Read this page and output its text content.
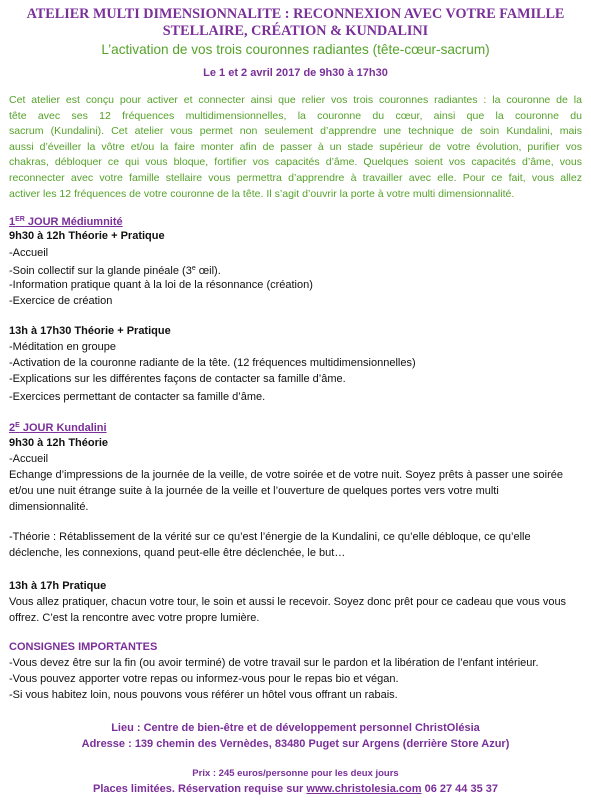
ATELIER MULTI DIMENSIONNALITE : RECONNEXION AVEC VOTRE FAMILLE
STELLAIRE, CRÉATION & KUNDALINI
L’activation de vos trois couronnes radiantes (tête-cœur-sacrum)
Le 1 et 2 avril 2017 de 9h30 à 17h30
Cet atelier est conçu pour activer et connecter ainsi que relier vos trois couronnes radiantes : la couronne de la
tête avec ses 12 fréquences multidimensionnelles, la couronne du cœur, ainsi que la couronne du
sacrum (Kundalini). Cet atelier vous permet non seulement d’apprendre une technique de soin Kundalini, mais
aussi d’éveiller la vôtre et/ou la faire monter afin de passer à un stade supérieur de votre évolution, purifier vos
chakras, débloquer ce qui vous bloque, fortifier vos capacités d’âme. Quelques soient vos capacités d’âme, vous
reconnecter avec votre famille stellaire vous permettra d’apprendre à travailler avec elle. Pour ce fait, vous allez
activer les 12 fréquences de votre couronne de la tête. Il s’agit d’ouvrir la porte à votre multi dimensionnalité.
1ER JOUR Médiumnité
9h30 à 12h Théorie + Pratique
-Accueil
-Soin collectif sur la glande pinéale (3e œil).
-Information pratique quant à la loi de la résonnance (création)
-Exercice de création
13h à 17h30 Théorie + Pratique
-Méditation en groupe
-Activation de la couronne radiante de la tête. (12 fréquences multidimensionnelles)
-Explications sur les différentes façons de contacter sa famille d’âme.
-Exercices permettant de contacter sa famille d’âme.
$2^E$ JOUR Kundalini
9h30 à 12h Théorie
-Accueil
Echange d’impressions de la journée de la veille, de votre soirée et de votre nuit. Soyez prêts à passer une soirée
et/ou une nuit étrange suite à la journée de la veille et l’ouverture de quelques portes vers votre multi
dimensionnalité.
-Théorie : Rétablissement de la vérité sur ce qu’est l’énergie de la Kundalini, ce qu’elle débloque, ce qu’elle
déclenche, les connexions, quand peut-elle être déclenchée, le but…
13h à 17h Pratique
Vous allez pratiquer, chacun votre tour, le soin et aussi le recevoir. Soyez donc prêt pour ce cadeau que vous vous
offrez. C’est la rencontre avec votre propre lumière.
CONSIGNES IMPORTANTES
-Vous devez être sur la fin (ou avoir terminé) de votre travail sur le pardon et la libération de l’enfant intérieur.
-Vous pouvez apporter votre repas ou informez-vous pour le repas bio et végan.
-Si vous habitez loin, nous pouvons vous référer un hôtel vous offrant un rabais.
Lieu : Centre de bien-être et de développement personnel ChristOlésia
Adresse : 139 chemin des Vernèdes, 83480 Puget sur Argens (derrière Store Azur)
Prix : 245 euros/personne pour les deux jours
Places limitées. Réservation requise sur www.christolesia.com 06 27 44 35 37
